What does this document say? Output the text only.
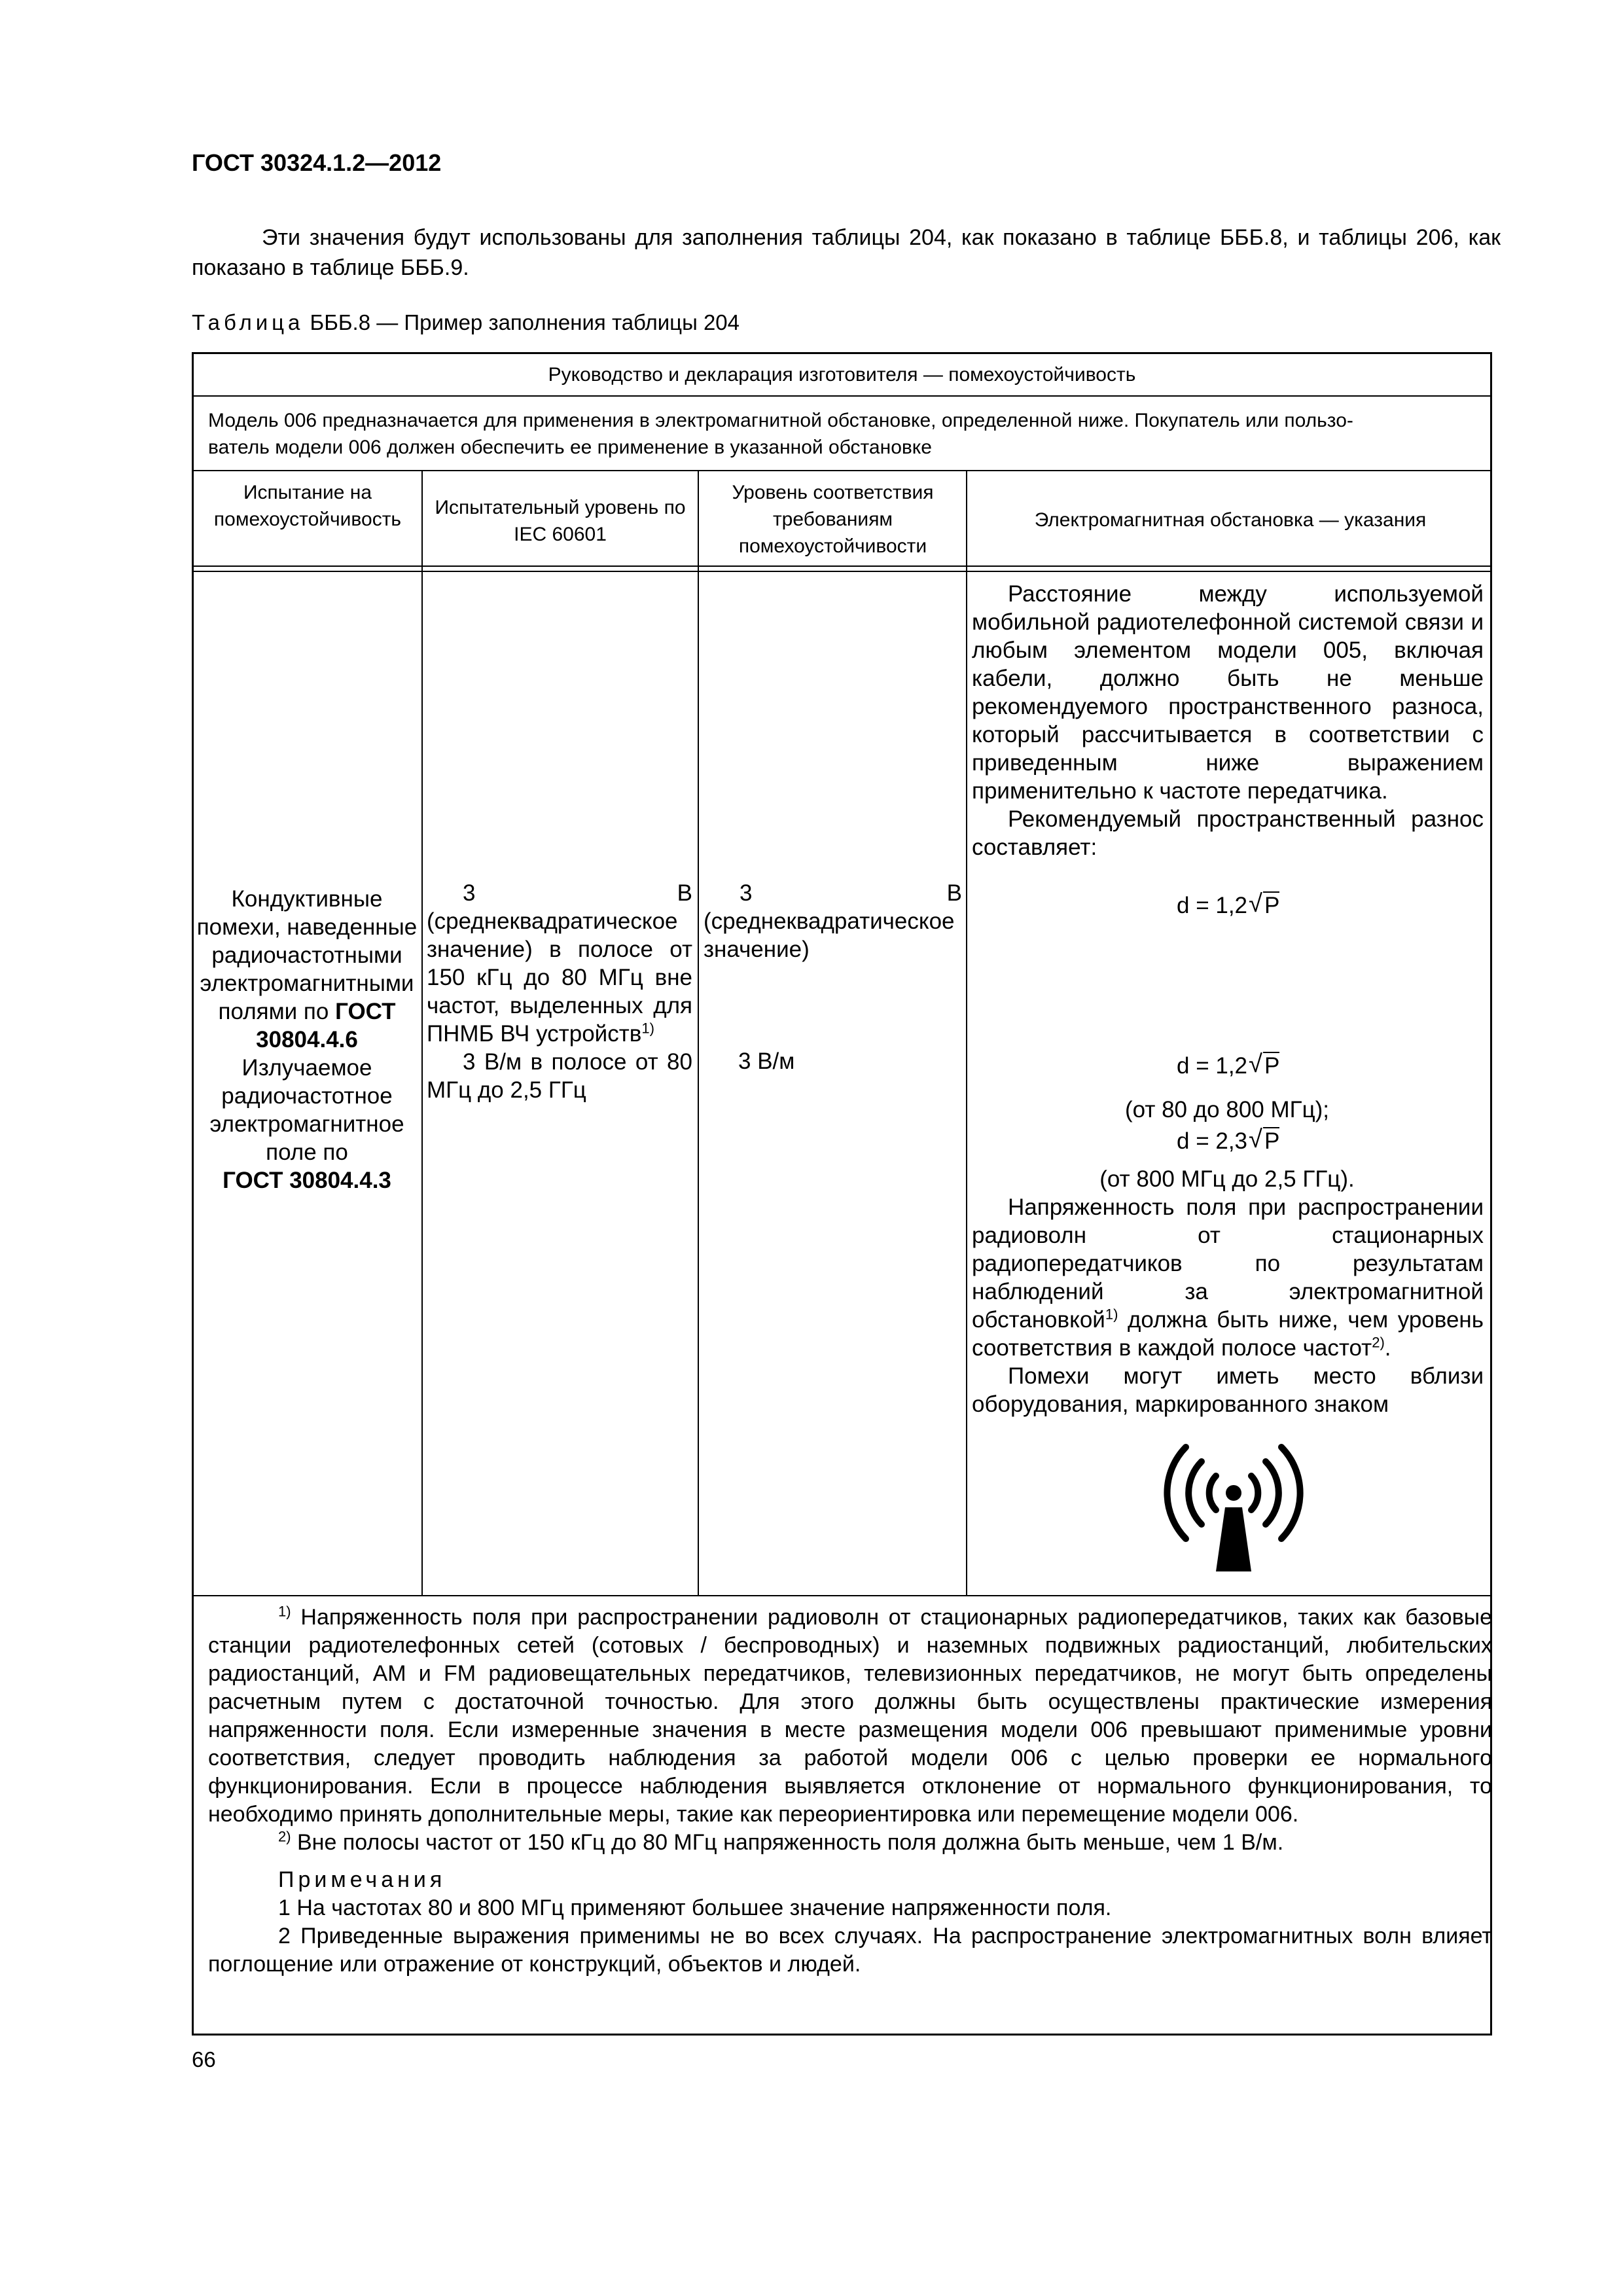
ГОСТ 30324.1.2—2012

Эти значения будут использованы для заполнения таблицы 204, как показано в таблице БББ.8, и таблицы 206, как показано в таблице БББ.9.

Таблица БББ.8 — Пример заполнения таблицы 204
Руководство и декларация изготовителя — помехоустойчивость
Модель 006 предназначается для применения в электромагнитной обстановке, определенной ниже. Покупатель или пользо-
ватель модели 006 должен обеспечить ее применение в указанной обстановке
Испытание на помехоустойчивость
Испытательный уровень по IEC 60601
Уровень соответствия требованиям помехоустойчивости
Электромагнитная обстановка — указания
Кондуктивные помехи, наведенные радиочастотными электромагнитными полями по ГОСТ 30804.4.6
Излучаемое радиочастотное электромагнитное поле по
ГОСТ 30804.4.3

3 В (среднеквадратическое значение) в полосе от 150 кГц до 80 МГц вне частот, выделенных для ПНМБ ВЧ устройств$^{1)}$

3 В/м в полосе от 80 МГц до 2,5 ГГц

3 В (среднеквадратическое значение)

3 В/м

Расстояние между используемой мобильной радиотелефонной системой связи и любым элементом модели 005, включая кабели, должно быть не меньше рекомендуемого пространственного разноса, который рассчитывается в соответствии с приведенным ниже выражением применительно к частоте передатчика.

Рекомендуемый пространственный разнос составляет:

d = 1,2 √ P
d = 1,2 √ P
(от 80 до 800 МГц);
d = 2,3 √ P
(от 800 МГц до 2,5 ГГц).

Напряженность поля при распространении радиоволн от стационарных радиопередатчиков по результатам наблюдений за электромагнитной обстановкой$^{1)}$ должна быть ниже, чем уровень соответствия в каждой полосе частот$^{2)}$.

Помехи могут иметь место вблизи оборудования, маркированного знаком

$^{1)}$ Напряженность поля при распространении радиоволн от стационарных радиопередатчиков, таких как базовые станции радиотелефонных сетей (сотовых / беспроводных) и наземных подвижных радиостанций, любительских радиостанций, AM и FM радиовещательных передатчиков, телевизионных передатчиков, не могут быть определены расчетным путем с достаточной точностью. Для этого должны быть осуществлены практические измерения напряженности поля. Если измеренные значения в месте размещения модели 006 превышают применимые уровни соответствия, следует проводить наблюдения за работой модели 006 с целью проверки ее нормального функционирования. Если в процессе наблюдения выявляется отклонение от нормального функционирования, то необходимо принять дополнительные меры, такие как переориентировка или перемещение модели 006.

$^{2)}$ Вне полосы частот от 150 кГц до 80 МГц напряженность поля должна быть меньше, чем 1 В/м.

Примечания

1 На частотах 80 и 800 МГц применяют большее значение напряженности поля.

2 Приведенные выражения применимы не во всех случаях. На распространение электромагнитных волн влияет поглощение или отражение от конструкций, объектов и людей.

66
